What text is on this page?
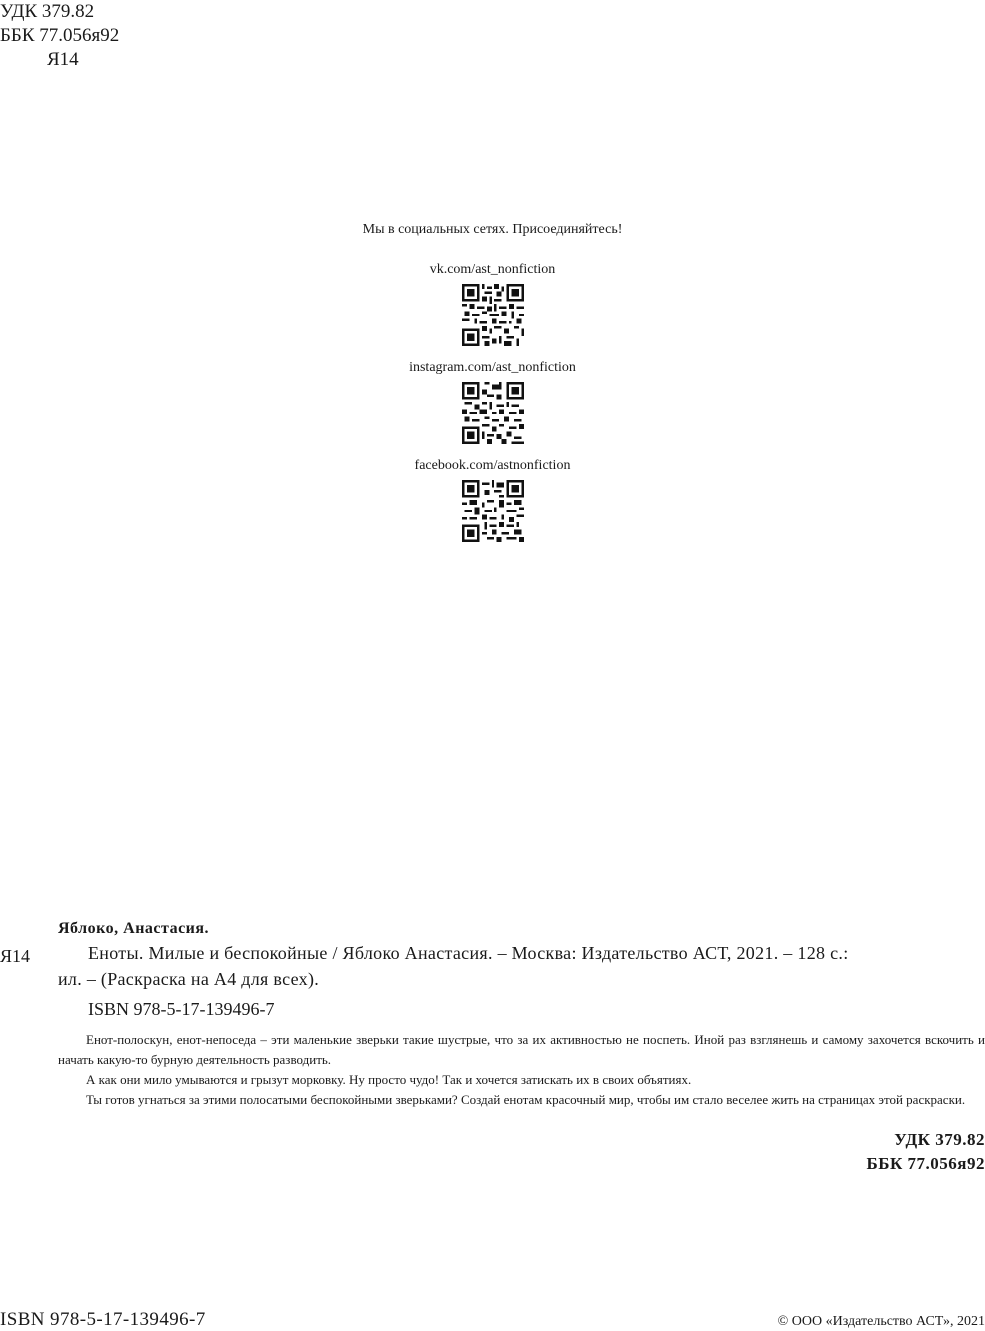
УДК 379.82
ББК 77.056я92
Я14
Мы в социальных сетях. Присоединяйтесь!
vk.com/ast_nonfiction
instagram.com/ast_nonfiction
facebook.com/astnonfiction
Яблоко, Анастасия.
Еноты. Милые и беспокойные / Яблоко Анастасия. – Москва: Издательство АСТ, 2021. – 128 с.:
ил. – (Раскраска на А4 для всех).
ISBN 978-5-17-139496-7

Енот-полоскун, енот-непоседа – эти маленькие зверьки такие шустрые, что за их активностью не поспеть. Иной раз взглянешь и самому захочется вскочить и начать какую-то бурную деятельность разводить.

А как они мило умываются и грызут морковку. Ну просто чудо! Так и хочется затискать их в своих объятиях.

Ты готов угнаться за этими полосатыми беспокойными зверьками? Создай енотам красочный мир, чтобы им стало веселее жить на страницах этой раскраски.

Я14
УДК 379.82
ББК 77.056я92
ISBN 978-5-17-139496-7	© ООО «Издательство АСТ», 2021
